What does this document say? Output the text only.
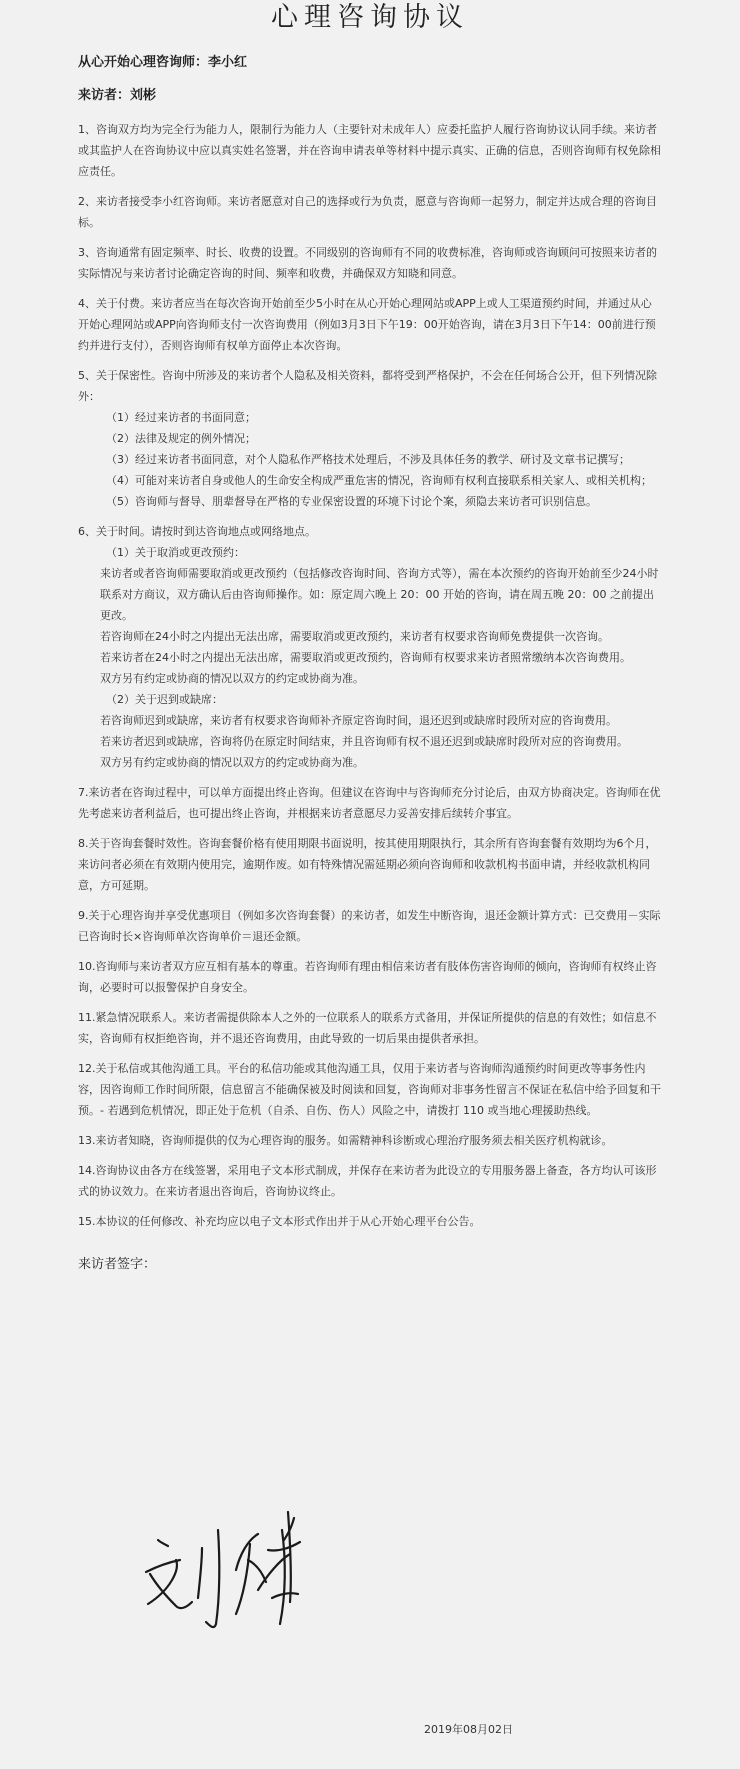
心理咨询协议

从心开始心理咨询师：李小红

来访者：刘彬

1、咨询双方均为完全行为能力人，限制行为能力人（主要针对未成年人）应委托监护人履行咨询协议认同手续。来访者或其监护人在咨询协议中应以真实姓名签署，并在咨询申请表单等材料中提示真实、正确的信息，否则咨询师有权免除相应责任。

2、来访者接受李小红咨询师。来访者愿意对自己的选择或行为负责，愿意与咨询师一起努力，制定并达成合理的咨询目标。

3、咨询通常有固定频率、时长、收费的设置。不同级别的咨询师有不同的收费标准，咨询师或咨询顾问可按照来访者的实际情况与来访者讨论确定咨询的时间、频率和收费，并确保双方知晓和同意。

4、关于付费。来访者应当在每次咨询开始前至少5小时在从心开始心理网站或APP上或人工渠道预约时间，并通过从心开始心理网站或APP向咨询师支付一次咨询费用（例如3月3日下午19：00开始咨询，请在3月3日下午14：00前进行预约并进行支付），否则咨询师有权单方面停止本次咨询。

5、关于保密性。咨询中所涉及的来访者个人隐私及相关资料，都将受到严格保护，不会在任何场合公开，但下列情况除外：
（1）经过来访者的书面同意；
（2）法律及规定的例外情况；
（3）经过来访者书面同意，对个人隐私作严格技术处理后，不涉及具体任务的教学、研讨及文章书记撰写；
（4）可能对来访者自身或他人的生命安全构成严重危害的情况，咨询师有权利直接联系相关家人、或相关机构；
（5）咨询师与督导、朋辈督导在严格的专业保密设置的环境下讨论个案，须隐去来访者可识别信息。
6、关于时间。请按时到达咨询地点或网络地点。
（1）关于取消或更改预约：
来访者或者咨询师需要取消或更改预约（包括修改咨询时间、咨询方式等），需在本次预约的咨询开始前至少24小时联系对方商议，双方确认后由咨询师操作。如：原定周六晚上 20：00 开始的咨询，请在周五晚 20：00 之前提出更改。
若咨询师在24小时之内提出无法出席，需要取消或更改预约，来访者有权要求咨询师免费提供一次咨询。
若来访者在24小时之内提出无法出席，需要取消或更改预约，咨询师有权要求来访者照常缴纳本次咨询费用。
双方另有约定或协商的情况以双方的约定或协商为准。
（2）关于迟到或缺席：
若咨询师迟到或缺席，来访者有权要求咨询师补齐原定咨询时间，退还迟到或缺席时段所对应的咨询费用。
若来访者迟到或缺席，咨询将仍在原定时间结束，并且咨询师有权不退还迟到或缺席时段所对应的咨询费用。
双方另有约定或协商的情况以双方的约定或协商为准。

7.来访者在咨询过程中，可以单方面提出终止咨询。但建议在咨询中与咨询师充分讨论后，由双方协商决定。咨询师在优先考虑来访者利益后，也可提出终止咨询，并根据来访者意愿尽力妥善安排后续转介事宜。

8.关于咨询套餐时效性。咨询套餐价格有使用期限书面说明，按其使用期限执行，其余所有咨询套餐有效期均为6个月，来访问者必须在有效期内使用完，逾期作废。如有特殊情况需延期必须向咨询师和收款机构书面申请，并经收款机构同意，方可延期。

9.关于心理咨询并享受优惠项目（例如多次咨询套餐）的来访者，如发生中断咨询，退还金额计算方式：已交费用－实际已咨询时长×咨询师单次咨询单价＝退还金额。

10.咨询师与来访者双方应互相有基本的尊重。若咨询师有理由相信来访者有肢体伤害咨询师的倾向，咨询师有权终止咨询，必要时可以报警保护自身安全。

11.紧急情况联系人。来访者需提供除本人之外的一位联系人的联系方式备用，并保证所提供的信息的有效性；如信息不实，咨询师有权拒绝咨询，并不退还咨询费用，由此导致的一切后果由提供者承担。

12.关于私信或其他沟通工具。平台的私信功能或其他沟通工具，仅用于来访者与咨询师沟通预约时间更改等事务性内容，因咨询师工作时间所限，信息留言不能确保被及时阅读和回复，咨询师对非事务性留言不保证在私信中给予回复和干预。- 若遇到危机情况，即正处于危机（自杀、自伤、伤人）风险之中，请拨打 110 或当地心理援助热线。

13.来访者知晓，咨询师提供的仅为心理咨询的服务。如需精神科诊断或心理治疗服务须去相关医疗机构就诊。

14.咨询协议由各方在线签署，采用电子文本形式制成，并保存在来访者为此设立的专用服务器上备查，各方均认可该形式的协议效力。在来访者退出咨询后，咨询协议终止。

15.本协议的任何修改、补充均应以电子文本形式作出并于从心开始心理平台公告。

来访者签字：
2019年08月02日
